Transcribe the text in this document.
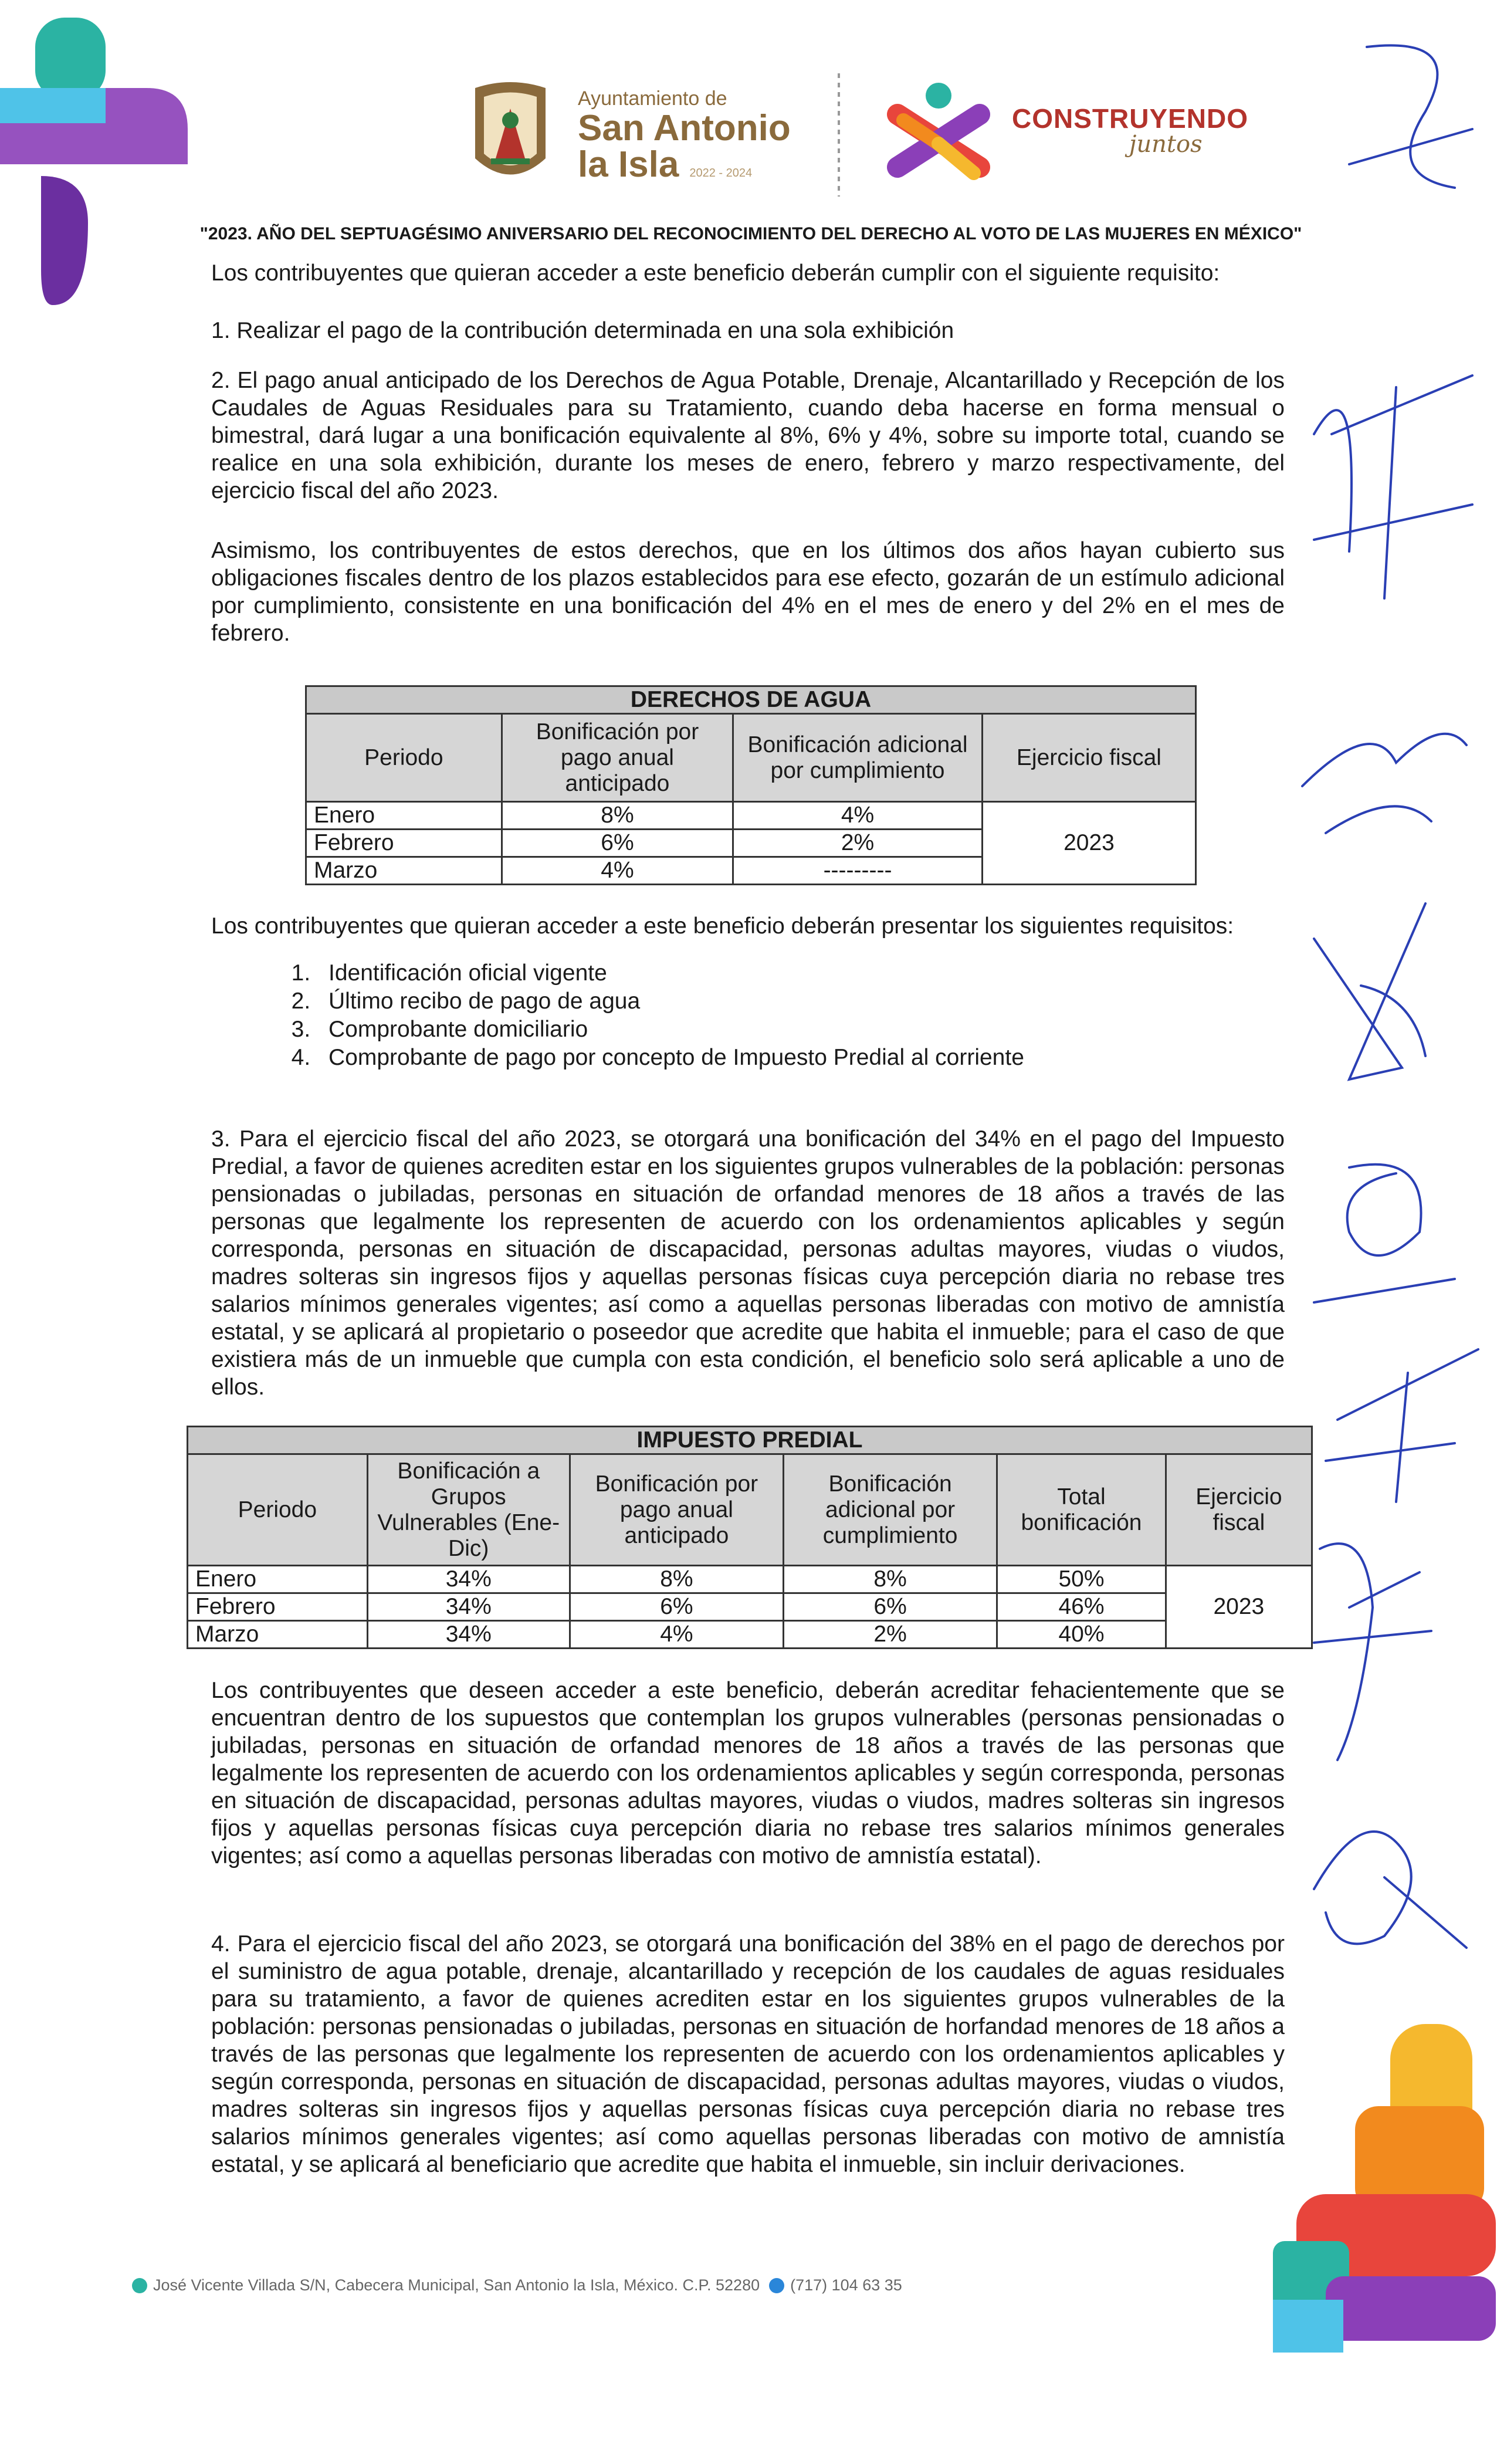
Ayuntamiento de
San Antonio
la Isla 2022 - 2024
CONSTRUYENDO
juntos
"2023. AÑO DEL SEPTUAGÉSIMO ANIVERSARIO DEL RECONOCIMIENTO DEL DERECHO AL VOTO DE LAS MUJERES EN MÉXICO"
Los contribuyentes que quieran acceder a este beneficio deberán cumplir con el siguiente requisito:
1. Realizar el pago de la contribución determinada en una sola exhibición
2. El pago anual anticipado de los Derechos de Agua Potable, Drenaje, Alcantarillado y Recepción de los Caudales de Aguas Residuales para su Tratamiento, cuando deba hacerse en forma mensual o bimestral, dará lugar a una bonificación equivalente al 8%, 6% y 4%, sobre su importe total, cuando se realice en una sola exhibición, durante los meses de enero, febrero y marzo respectivamente, del ejercicio fiscal del año 2023.
Asimismo, los contribuyentes de estos derechos, que en los últimos dos años hayan cubierto sus obligaciones fiscales dentro de los plazos establecidos para ese efecto, gozarán de un estímulo adicional por cumplimiento, consistente en una bonificación del 4% en el mes de enero y del 2% en el mes de febrero.
DERECHOS DE AGUA			
Periodo	Bonificación por pago anual anticipado	Bonificación adicional por cumplimiento	Ejercicio fiscal
Enero	8%	4%	2023
Febrero	6%	2%	
Marzo	4%	---------	
Los contribuyentes que quieran acceder a este beneficio deberán presentar los siguientes requisitos:
1. Identificación oficial vigente
2. Último recibo de pago de agua
3. Comprobante domiciliario
4. Comprobante de pago por concepto de Impuesto Predial al corriente
3. Para el ejercicio fiscal del año 2023, se otorgará una bonificación del 34% en el pago del Impuesto Predial, a favor de quienes acrediten estar en los siguientes grupos vulnerables de la población: personas pensionadas o jubiladas, personas en situación de orfandad menores de 18 años a través de las personas que legalmente los representen de acuerdo con los ordenamientos aplicables y según corresponda, personas en situación de discapacidad, personas adultas mayores, viudas o viudos, madres solteras sin ingresos fijos y aquellas personas físicas cuya percepción diaria no rebase tres salarios mínimos generales vigentes; así como a aquellas personas liberadas con motivo de amnistía estatal, y se aplicará al propietario o poseedor que acredite que habita el inmueble; para el caso de que existiera más de un inmueble que cumpla con esta condición, el beneficio solo será aplicable a uno de ellos.
IMPUESTO PREDIAL					
Periodo	Bonificación a Grupos Vulnerables (Ene-Dic)	Bonificación por pago anual anticipado	Bonificación adicional por cumplimiento	Total bonificación	Ejercicio fiscal
Enero	34%	8%	8%	50%	2023
Febrero	34%	6%	6%	46%	
Marzo	34%	4%	2%	40%	
Los contribuyentes que deseen acceder a este beneficio, deberán acreditar fehacientemente que se encuentran dentro de los supuestos que contemplan los grupos vulnerables (personas pensionadas o jubiladas, personas en situación de orfandad menores de 18 años a través de las personas que legalmente los representen de acuerdo con los ordenamientos aplicables y según corresponda, personas en situación de discapacidad, personas adultas mayores, viudas o viudos, madres solteras sin ingresos fijos y aquellas personas físicas cuya percepción diaria no rebase tres salarios mínimos generales vigentes; así como a aquellas personas liberadas con motivo de amnistía estatal).
4. Para el ejercicio fiscal del año 2023, se otorgará una bonificación del 38% en el pago de derechos por el suministro de agua potable, drenaje, alcantarillado y recepción de los caudales de aguas residuales para su tratamiento, a favor de quienes acrediten estar en los siguientes grupos vulnerables de la población: personas pensionadas o jubiladas, personas en situación de horfandad menores de 18 años a través de las personas que legalmente los representen de acuerdo con los ordenamientos aplicables y según corresponda, personas en situación de discapacidad, personas adultas mayores, viudas o viudos, madres solteras sin ingresos fijos y aquellas personas físicas cuya percepción diaria no rebase tres salarios mínimos generales vigentes; así como aquellas personas liberadas con motivo de amnistía estatal, y se aplicará al beneficiario que acredite que habita el inmueble, sin incluir derivaciones.
José Vicente Villada S/N, Cabecera Municipal, San Antonio la Isla, México. C.P. 52280 (717) 104 63 35
